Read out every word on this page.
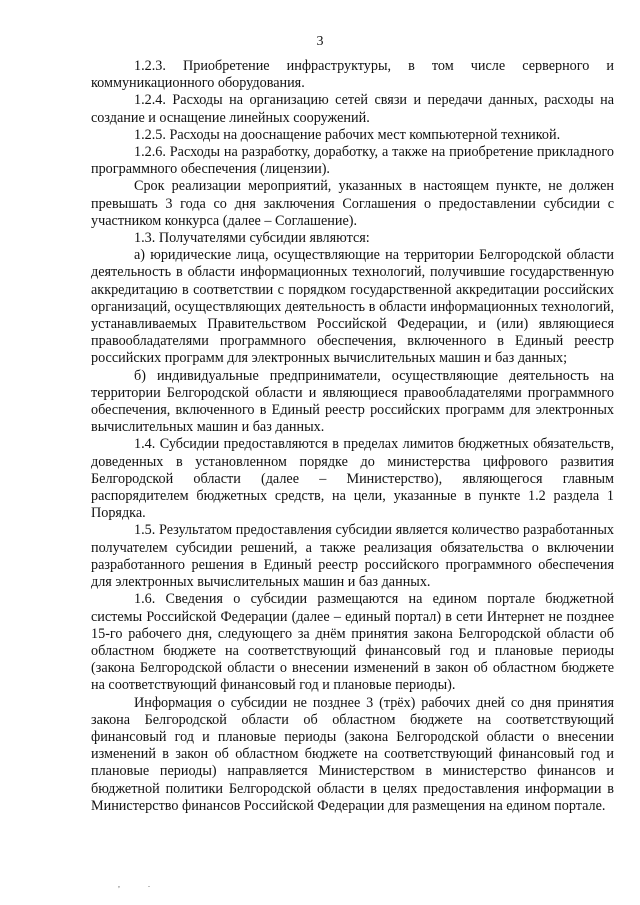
3

1.2.3. Приобретение инфраструктуры, в том числе серверного и коммуникационного оборудования.

1.2.4. Расходы на организацию сетей связи и передачи данных, расходы на создание и оснащение линейных сооружений.

1.2.5. Расходы на дооснащение рабочих мест компьютерной техникой.

1.2.6. Расходы на разработку, доработку, а также на приобретение прикладного программного обеспечения (лицензии).

Срок реализации мероприятий, указанных в настоящем пункте, не должен превышать 3 года со дня заключения Соглашения о предоставлении субсидии с участником конкурса (далее – Соглашение).

1.3. Получателями субсидии являются:

а) юридические лица, осуществляющие на территории Белгородской области деятельность в области информационных технологий, получившие государственную аккредитацию в соответствии с порядком государственной аккредитации российских организаций, осуществляющих деятельность в области информационных технологий, устанавливаемых Правительством Российской Федерации, и (или) являющиеся правообладателями программного обеспечения, включенного в Единый реестр российских программ для электронных вычислительных машин и баз данных;

б) индивидуальные предприниматели, осуществляющие деятельность на территории Белгородской области и являющиеся правообладателями программного обеспечения, включенного в Единый реестр российских программ для электронных вычислительных машин и баз данных.

1.4. Субсидии предоставляются в пределах лимитов бюджетных обязательств, доведенных в установленном порядке до министерства цифрового развития Белгородской области (далее – Министерство), являющегося главным распорядителем бюджетных средств, на цели, указанные в пункте 1.2 раздела 1 Порядка.

1.5. Результатом предоставления субсидии является количество разработанных получателем субсидии решений, а также реализация обязательства о включении разработанного решения в Единый реестр российского программного обеспечения для электронных вычислительных машин и баз данных.

1.6. Сведения о субсидии размещаются на едином портале бюджетной системы Российской Федерации (далее – единый портал) в сети Интернет не позднее 15-го рабочего дня, следующего за днём принятия закона Белгородской области об областном бюджете на соответствующий финансовый год и плановые периоды (закона Белгородской области о внесении изменений в закон об областном бюджете на соответствующий финансовый год и плановые периоды).

Информация о субсидии не позднее 3 (трёх) рабочих дней со дня принятия закона Белгородской области об областном бюджете на соответствующий финансовый год и плановые периоды (закона Белгородской области о внесении изменений в закон об областном бюджете на соответствующий финансовый год и плановые периоды) направляется Министерством в министерство финансов и бюджетной политики Белгородской области в целях предоставления информации в Министерство финансов Российской Федерации для размещения на едином портале.

,              .
